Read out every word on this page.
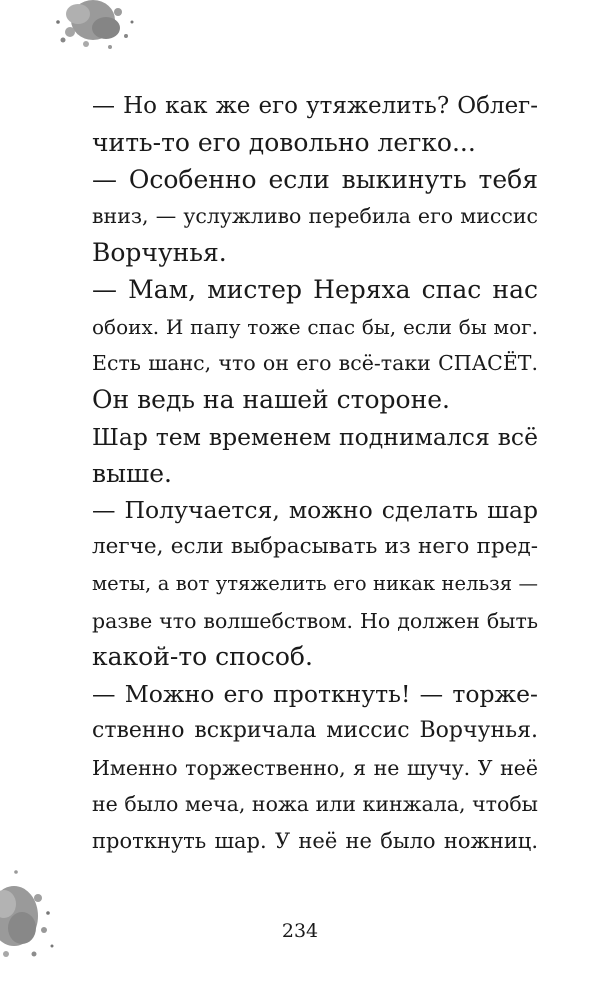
— Но как же его утяжелить? Облег-
чить-то его довольно легко...
— Особенно если выкинуть тебя
вниз, — услужливо перебила его миссис
Ворчунья.
— Мам, мистер Неряха спас нас
обоих. И папу тоже спас бы, если бы мог.
Есть шанс, что он его всё-таки СПАСЁТ.
Он ведь на нашей стороне.
Шар тем временем поднимался всё
выше.
— Получается, можно сделать шар
легче, если выбрасывать из него пред-
меты, а вот утяжелить его никак нельзя —
разве что волшебством. Но должен быть
какой-то способ.
— Можно его проткнуть! — торже-
ственно вскричала миссис Ворчунья.
Именно торжественно, я не шучу. У неё
не было меча, ножа или кинжала, чтобы
проткнуть шар. У неё не было ножниц.
234
